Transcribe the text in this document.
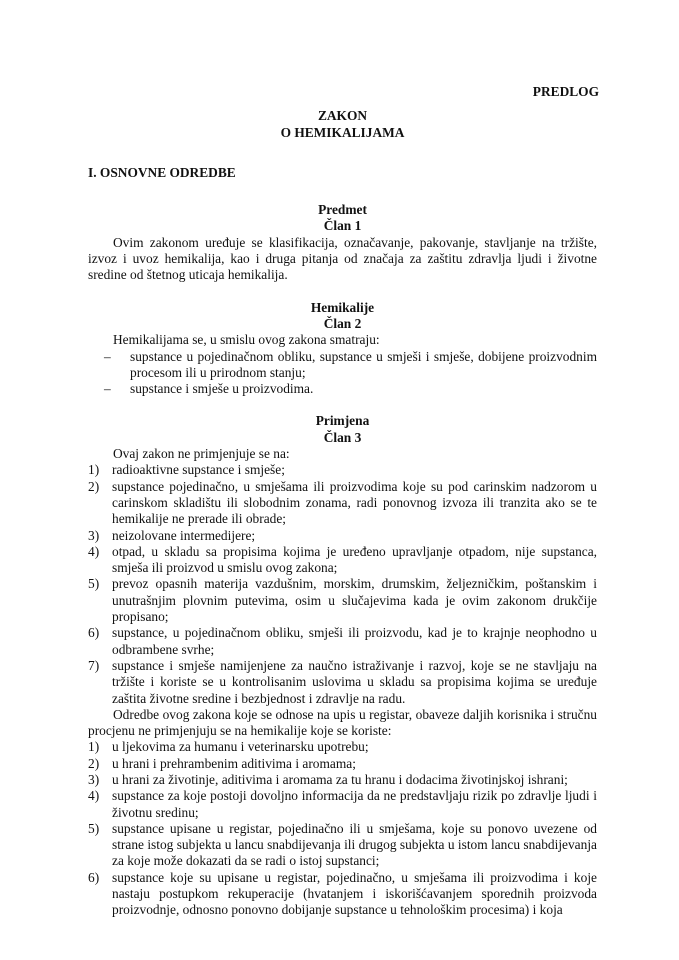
PREDLOG
ZAKON
O HEMIKALIJAMA
I. OSNOVNE ODREDBE
Predmet
Član 1
Ovim zakonom uređuje se klasifikacija, označavanje, pakovanje, stavljanje na tržište, izvoz i uvoz hemikalija, kao i druga pitanja od značaja za zaštitu zdravlja ljudi i životne sredine od štetnog uticaja hemikalija.
Hemikalije
Član 2
Hemikalijama se, u smislu ovog zakona smatraju:
– supstance u pojedinačnom obliku, supstance u smješi i smješe, dobijene proizvodnim procesom ili u prirodnom stanju;
– supstance i smješe u proizvodima.
Primjena
Član 3
Ovaj zakon ne primjenjuje se na:
1) radioaktivne supstance i smješe;
2) supstance pojedinačno, u smješama ili proizvodima koje su pod carinskim nadzorom u carinskom skladištu ili slobodnim zonama, radi ponovnog izvoza ili tranzita ako se te hemikalije ne prerade ili obrade;
3) neizolovane intermedijere;
4) otpad, u skladu sa propisima kojima je uređeno upravljanje otpadom, nije supstanca, smješa ili proizvod u smislu ovog zakona;
5) prevoz opasnih materija vazdušnim, morskim, drumskim, željezničkim, poštanskim i unutrašnjim plovnim putevima, osim u slučajevima kada je ovim zakonom drukčije propisano;
6) supstance, u pojedinačnom obliku, smješi ili proizvodu, kad je to krajnje neophodno u odbrambene svrhe;
7) supstance i smješe namijenjene za naučno istraživanje i razvoj, koje se ne stavljaju na tržište i koriste se u kontrolisanim uslovima u skladu sa propisima kojima se uređuje zaštita životne sredine i bezbjednost i zdravlje na radu.
Odredbe ovog zakona koje se odnose na upis u registar, obaveze daljih korisnika i stručnu procjenu ne primjenjuju se na hemikalije koje se koriste:
1) u ljekovima za humanu i veterinarsku upotrebu;
2) u hrani i prehrambenim aditivima i aromama;
3) u hrani za životinje, aditivima i aromama za tu hranu i dodacima životinjskoj ishrani;
4) supstance za koje postoji dovoljno informacija da ne predstavljaju rizik po zdravlje ljudi i životnu sredinu;
5) supstance upisane u registar, pojedinačno ili u smješama, koje su ponovo uvezene od strane istog subjekta u lancu snabdijevanja ili drugog subjekta u istom lancu snabdijevanja za koje može dokazati da se radi o istoj supstanci;
6) supstance koje su upisane u registar, pojedinačno, u smješama ili proizvodima i koje nastaju postupkom rekuperacije (hvatanjem i iskorišćavanjem sporednih proizvoda proizvodnje, odnosno ponovno dobijanje supstance u tehnološkim procesima) i koja
